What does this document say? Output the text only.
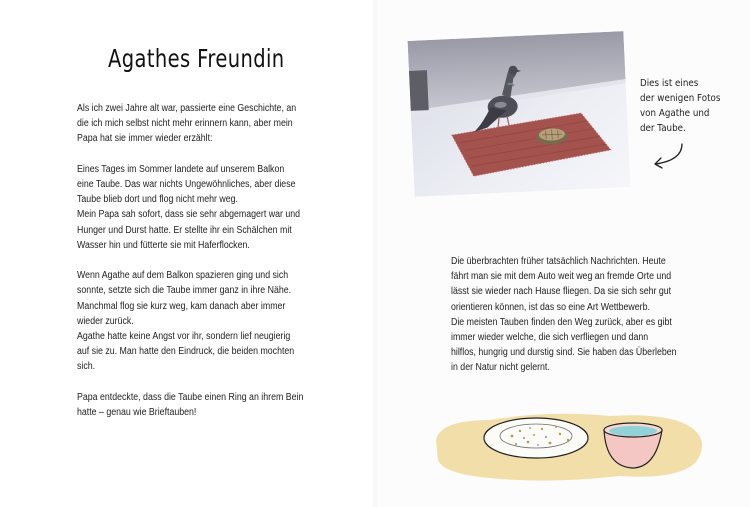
Agathes Freundin
Als ich zwei Jahre alt war, passierte eine Geschichte, an
die ich mich selbst nicht mehr erinnern kann, aber mein
Papa hat sie immer wieder erzählt:

Eines Tages im Sommer landete auf unserem Balkon
eine Taube. Das war nichts Ungewöhnliches, aber diese
Taube blieb dort und flog nicht mehr weg.
Mein Papa sah sofort, dass sie sehr abgemagert war und
Hunger und Durst hatte. Er stellte ihr ein Schälchen mit
Wasser hin und fütterte sie mit Haferflocken.

Wenn Agathe auf dem Balkon spazieren ging und sich
sonnte, setzte sich die Taube immer ganz in ihre Nähe.
Manchmal flog sie kurz weg, kam danach aber immer
wieder zurück.
Agathe hatte keine Angst vor ihr, sondern lief neugierig
auf sie zu. Man hatte den Eindruck, die beiden mochten
sich.

Papa entdeckte, dass die Taube einen Ring an ihrem Bein
hatte – genau wie Brieftauben!
Dies ist eines
der wenigen Fotos
von Agathe und
der Taube.
Die überbrachten früher tatsächlich Nachrichten. Heute
fährt man sie mit dem Auto weit weg an fremde Orte und
lässt sie wieder nach Hause fliegen. Da sie sich sehr gut
orientieren können, ist das so eine Art Wettbewerb.
Die meisten Tauben finden den Weg zurück, aber es gibt
immer wieder welche, die sich verfliegen und dann
hilflos, hungrig und durstig sind. Sie haben das Überleben
in der Natur nicht gelernt.
